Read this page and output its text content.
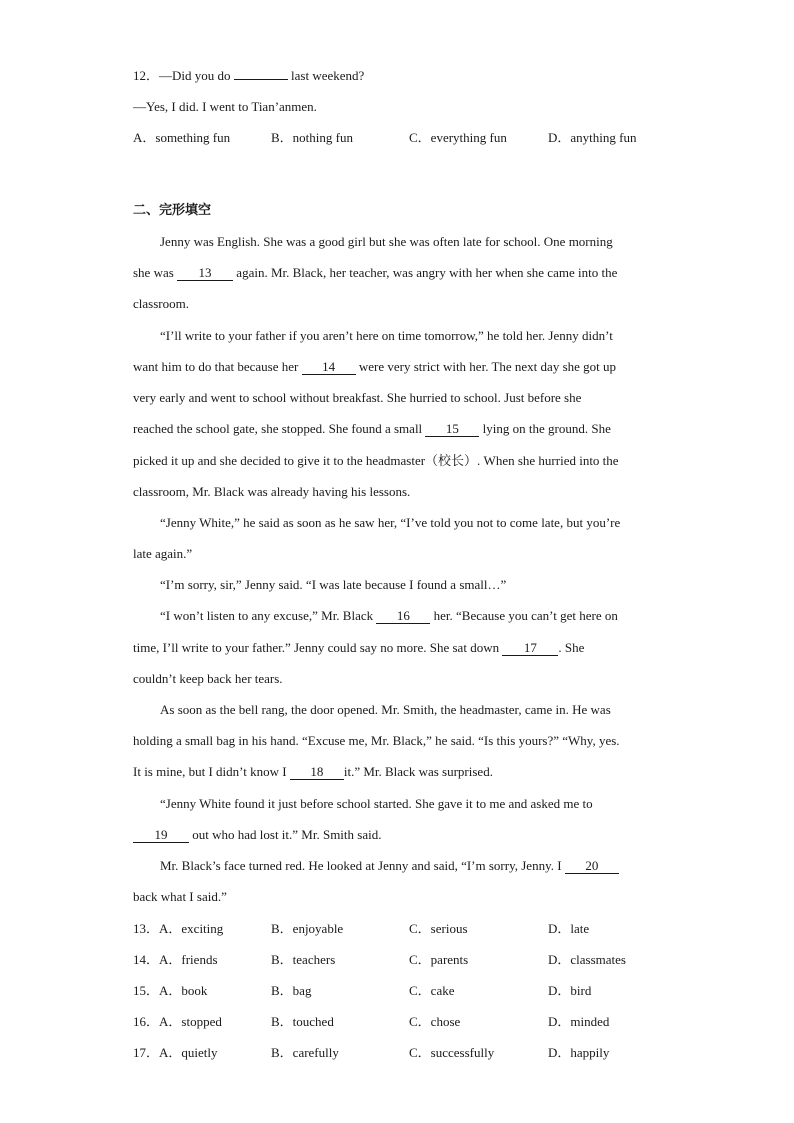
12．—Did you do	last weekend?
—Yes, I did. I went to Tian’anmen.
A．something fun	B．nothing fun	C．everything fun	D．anything fun
二、完形填空
Jenny was English. She was a good girl but she was often late for school. One morning
she was 13 again. Mr. Black, her teacher, was angry with her when she came into the
classroom.
“I’ll write to your father if you aren’t here on time tomorrow,” he told her. Jenny didn’t
want him to do that because her 14 were very strict with her. The next day she got up
very early and went to school without breakfast. She hurried to school. Just before she
reached the school gate, she stopped. She found a small 15 lying on the ground. She
picked it up and she decided to give it to the headmaster（校长）. When she hurried into the
classroom, Mr. Black was already having his lessons.
“Jenny White,” he said as soon as he saw her, “I’ve told you not to come late, but you’re
late again.”
“I’m sorry, sir,” Jenny said. “I was late because I found a small…”
“I won’t listen to any excuse,” Mr. Black 16 her. “Because you can’t get here on
time, I’ll write to your father.” Jenny could say no more. She sat down 17 . She
couldn’t keep back her tears.
As soon as the bell rang, the door opened. Mr. Smith, the headmaster, came in. He was
holding a small bag in his hand. “Excuse me, Mr. Black,” he said. “Is this yours?” “Why, yes.
It is mine, but I didn’t know I 18 it.” Mr. Black was surprised.
“Jenny White found it just before school started. She gave it to me and asked me to
19 out who had lost it.” Mr. Smith said.
Mr. Black’s face turned red. He looked at Jenny and said, “I’m sorry, Jenny. I 20
back what I said.”
13．A．exciting	B．enjoyable	C．serious	D．late
14．A．friends	B．teachers	C．parents	D．classmates
15．A．book	B．bag	C．cake	D．bird
16．A．stopped	B．touched	C．chose	D．minded
17．A．quietly	B．carefully	C．successfully	D．happily
